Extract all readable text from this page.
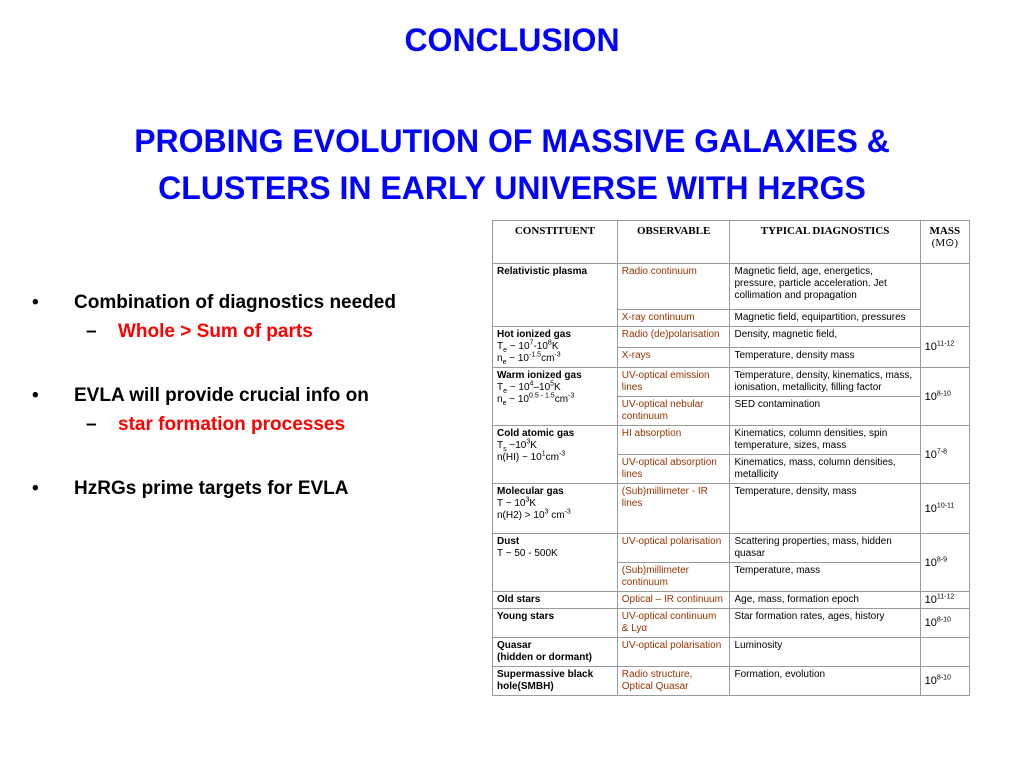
CONCLUSION
PROBING EVOLUTION OF MASSIVE GALAXIES &
CLUSTERS IN EARLY UNIVERSE WITH HzRGS
• Combination of diagnostics needed
– Whole > Sum of parts
• EVLA will provide crucial info on
– star formation processes
• HzRGs prime targets for EVLA
CONSTITUENT	OBSERVABLE	TYPICAL DIAGNOSTICS	MASS
(M⊙)

Relativistic plasma	Radio continuum	Magnetic field, age, energetics, pressure, particle acceleration. Jet collimation and propagation	
	X-ray continuum	Magnetic field, equipartition, pressures	

Hot ionized gas
$T_e$ ~ $10^7-10^8K$
$n_e$ ~ $10^{-1.5}cm^{-3}$	Radio (de)polarisation	Density, magnetic field,	10$^{11-12}$
	X-rays	Temperature, density mass	

Warm ionized gas
$T_e$ ~ $10^4-10^5K$
$n_e$ ~ $10^{0.5 - 1.5}cm^{-3}$	UV-optical emission lines	Temperature, density, kinematics, mass, ionisation, metallicity, filling factor	10$^{8-10}$
	UV-optical nebular continuum	SED contamination	

Cold atomic gas
$T_s$ $\sim 10^3K$
n(HI) ~ $10^1cm^{-3}$	HI absorption	Kinematics, column densities, spin temperature, sizes, mass	10$^{7-8}$
	UV-optical absorption lines	Kinematics, mass, column densities, metallicity	

Molecular gas
T ~ $10^3K$
$n(H2) > 10^3$ $cm^{-3}$	(Sub)millimeter - IR lines	Temperature, density, mass	10$^{10-11}$

Dust
T ~ 50 - 500K	UV-optical polarisation	Scattering properties, mass, hidden quasar	10$^{8-9}$
	(Sub)millimeter continuum	Temperature, mass	

Old stars	Optical – IR continuum	Age, mass, formation epoch	10$^{11-12}$

Young stars	UV-optical continuum & Lyα	Star formation rates, ages, history	10$^{8-10}$

Quasar
(hidden or dormant)	UV-optical polarisation	Luminosity	

Supermassive black hole(SMBH)	Radio structure, Optical Quasar	Formation, evolution	10$^{8-10}$
